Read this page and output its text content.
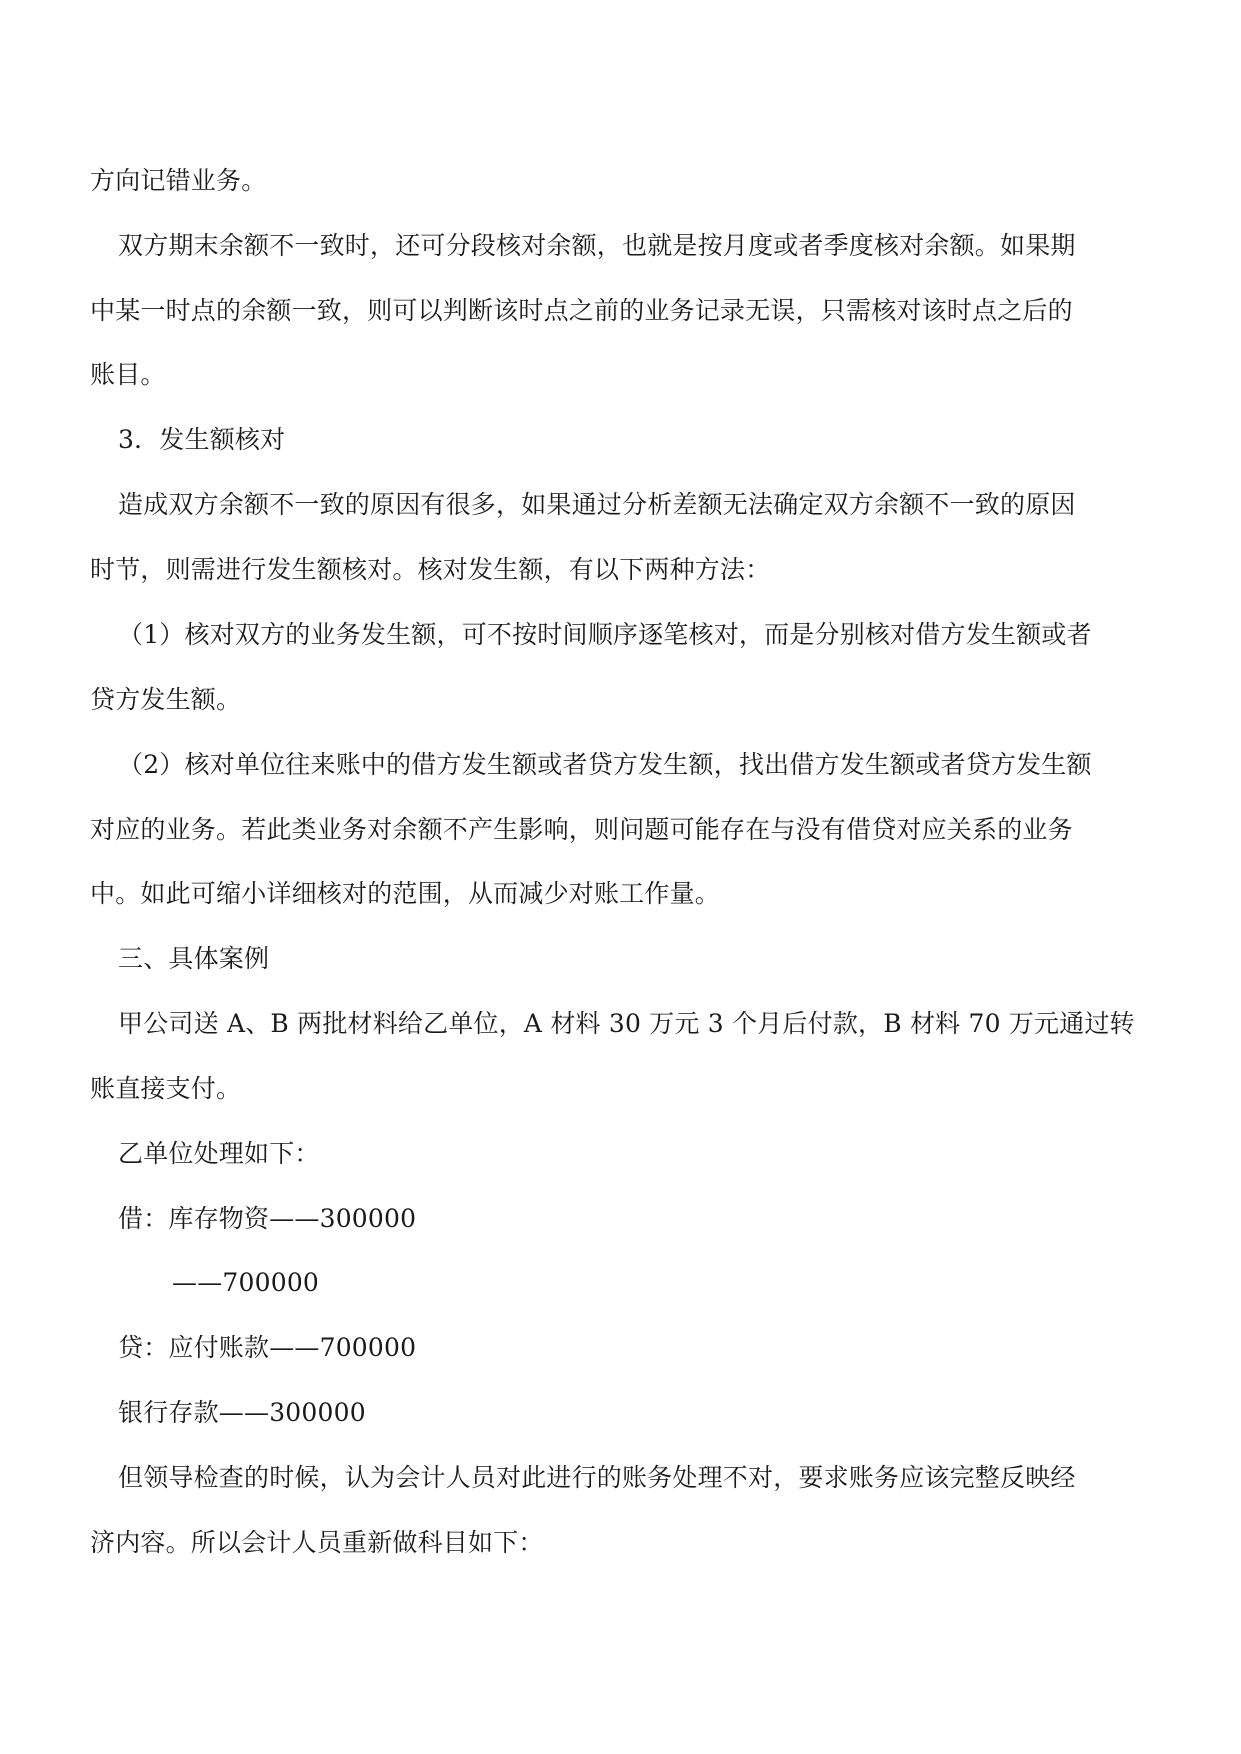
方向记错业务。
双方期末余额不一致时，还可分段核对余额，也就是按月度或者季度核对余额。如果期
中某一时点的余额一致，则可以判断该时点之前的业务记录无误，只需核对该时点之后的
账目。
3．发生额核对
造成双方余额不一致的原因有很多，如果通过分析差额无法确定双方余额不一致的原因
时节，则需进行发生额核对。核对发生额，有以下两种方法：
（1）核对双方的业务发生额，可不按时间顺序逐笔核对，而是分别核对借方发生额或者
贷方发生额。
（2）核对单位往来账中的借方发生额或者贷方发生额，找出借方发生额或者贷方发生额
对应的业务。若此类业务对余额不产生影响，则问题可能存在与没有借贷对应关系的业务
中。如此可缩小详细核对的范围，从而减少对账工作量。
三、具体案例
甲公司送 A、B 两批材料给乙单位，A 材料 30 万元 3 个月后付款，B 材料 70 万元通过转
账直接支付。
乙单位处理如下：
借：库存物资——300000
——700000
贷：应付账款——700000
银行存款——300000
但领导检查的时候，认为会计人员对此进行的账务处理不对，要求账务应该完整反映经
济内容。所以会计人员重新做科目如下：
